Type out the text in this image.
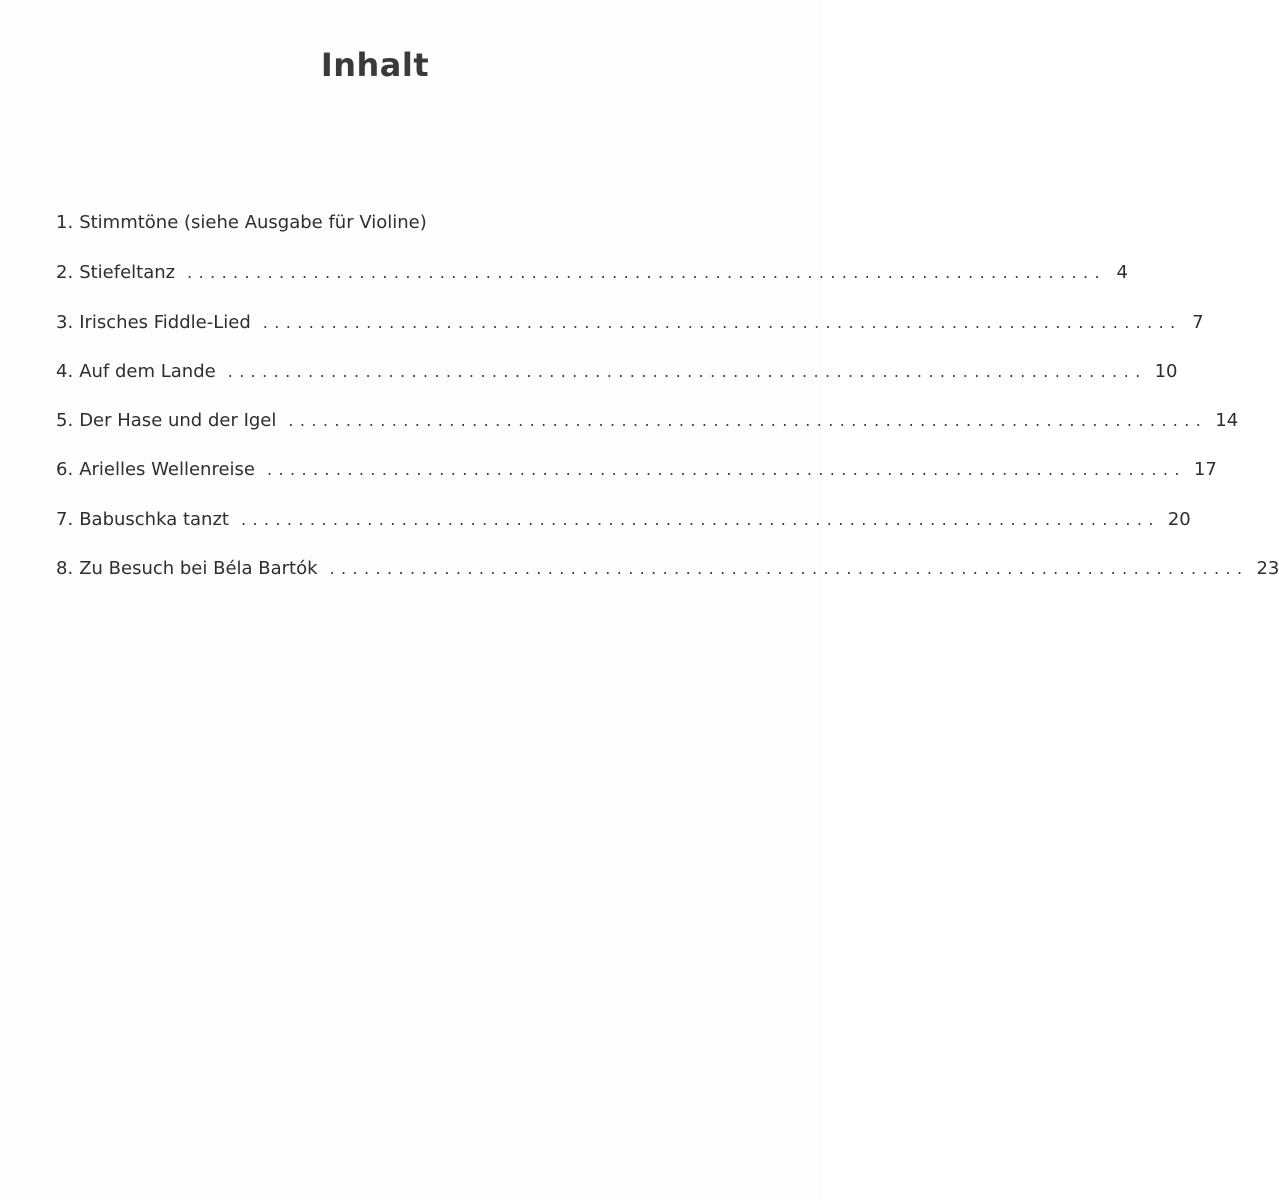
Inhalt
1. Stimmtöne (siehe Ausgabe für Violine)
2. Stiefeltanz ................................................................................ 4
3. Irisches Fiddle-Lied ................................................................................ 7
4. Auf dem Lande ................................................................................ 10
5. Der Hase und der Igel ................................................................................ 14
6. Arielles Wellenreise ................................................................................ 17
7. Babuschka tanzt ................................................................................ 20
8. Zu Besuch bei Béla Bartók ................................................................................ 23
